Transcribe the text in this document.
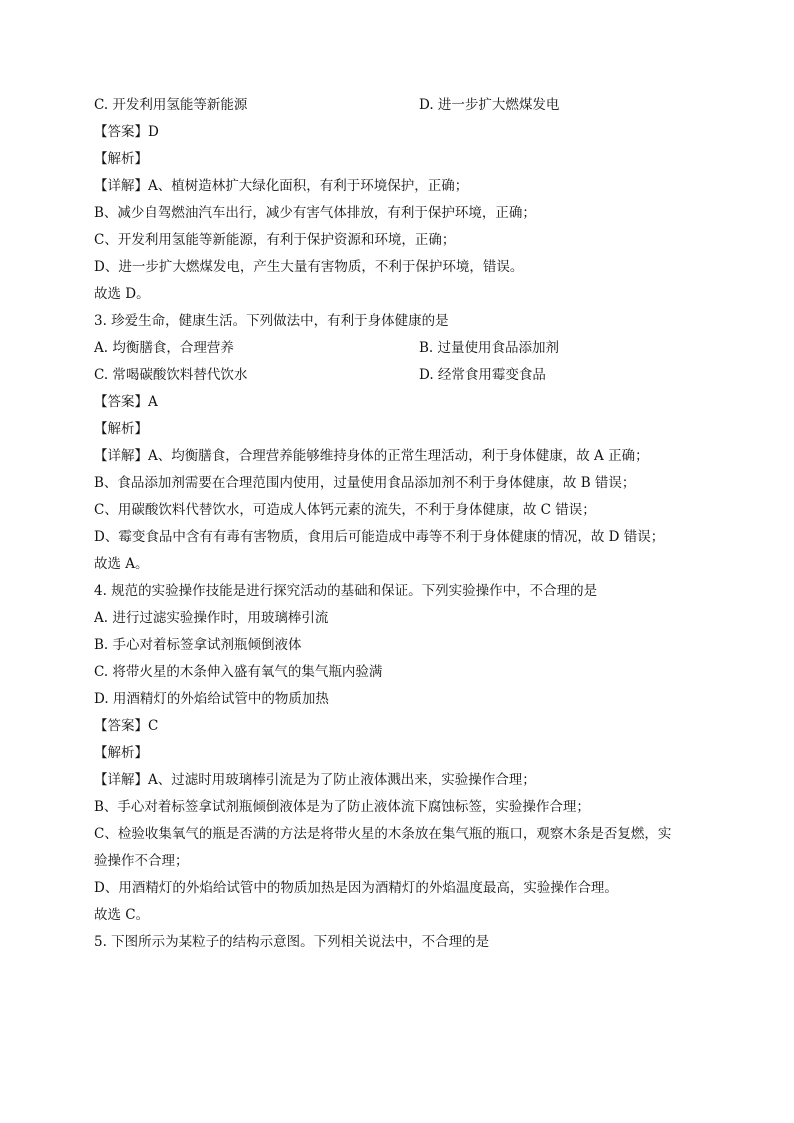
C. 开发利用氢能等新能源	D. 进一步扩大燃煤发电
【答案】D
【解析】
【详解】A、植树造林扩大绿化面积，有利于环境保护，正确；
B、减少自驾燃油汽车出行，减少有害气体排放，有利于保护环境，正确；
C、开发利用氢能等新能源，有利于保护资源和环境，正确；
D、进一步扩大燃煤发电，产生大量有害物质，不利于保护环境，错误。
故选 D。
3. 珍爱生命，健康生活。下列做法中，有利于身体健康的是
A. 均衡膳食，合理营养	B. 过量使用食品添加剂
C. 常喝碳酸饮料替代饮水	D. 经常食用霉变食品
【答案】A
【解析】
【详解】A、均衡膳食，合理营养能够维持身体的正常生理活动，利于身体健康，故 A 正确；
B、食品添加剂需要在合理范围内使用，过量使用食品添加剂不利于身体健康，故 B 错误；
C、用碳酸饮料代替饮水，可造成人体钙元素的流失，不利于身体健康，故 C 错误；
D、霉变食品中含有有毒有害物质，食用后可能造成中毒等不利于身体健康的情况，故 D 错误；
故选 A。
4. 规范的实验操作技能是进行探究活动的基础和保证。下列实验操作中，不合理的是
A. 进行过滤实验操作时，用玻璃棒引流
B. 手心对着标签拿试剂瓶倾倒液体
C. 将带火星的木条伸入盛有氧气的集气瓶内验满
D. 用酒精灯的外焰给试管中的物质加热
【答案】C
【解析】
【详解】A、过滤时用玻璃棒引流是为了防止液体溅出来，实验操作合理；
B、手心对着标签拿试剂瓶倾倒液体是为了防止液体流下腐蚀标签，实验操作合理；
C、检验收集氧气的瓶是否满的方法是将带火星的木条放在集气瓶的瓶口，观察木条是否复燃，实
验操作不合理；
D、用酒精灯的外焰给试管中的物质加热是因为酒精灯的外焰温度最高，实验操作合理。
故选 C。
5. 下图所示为某粒子的结构示意图。下列相关说法中，不合理的是
